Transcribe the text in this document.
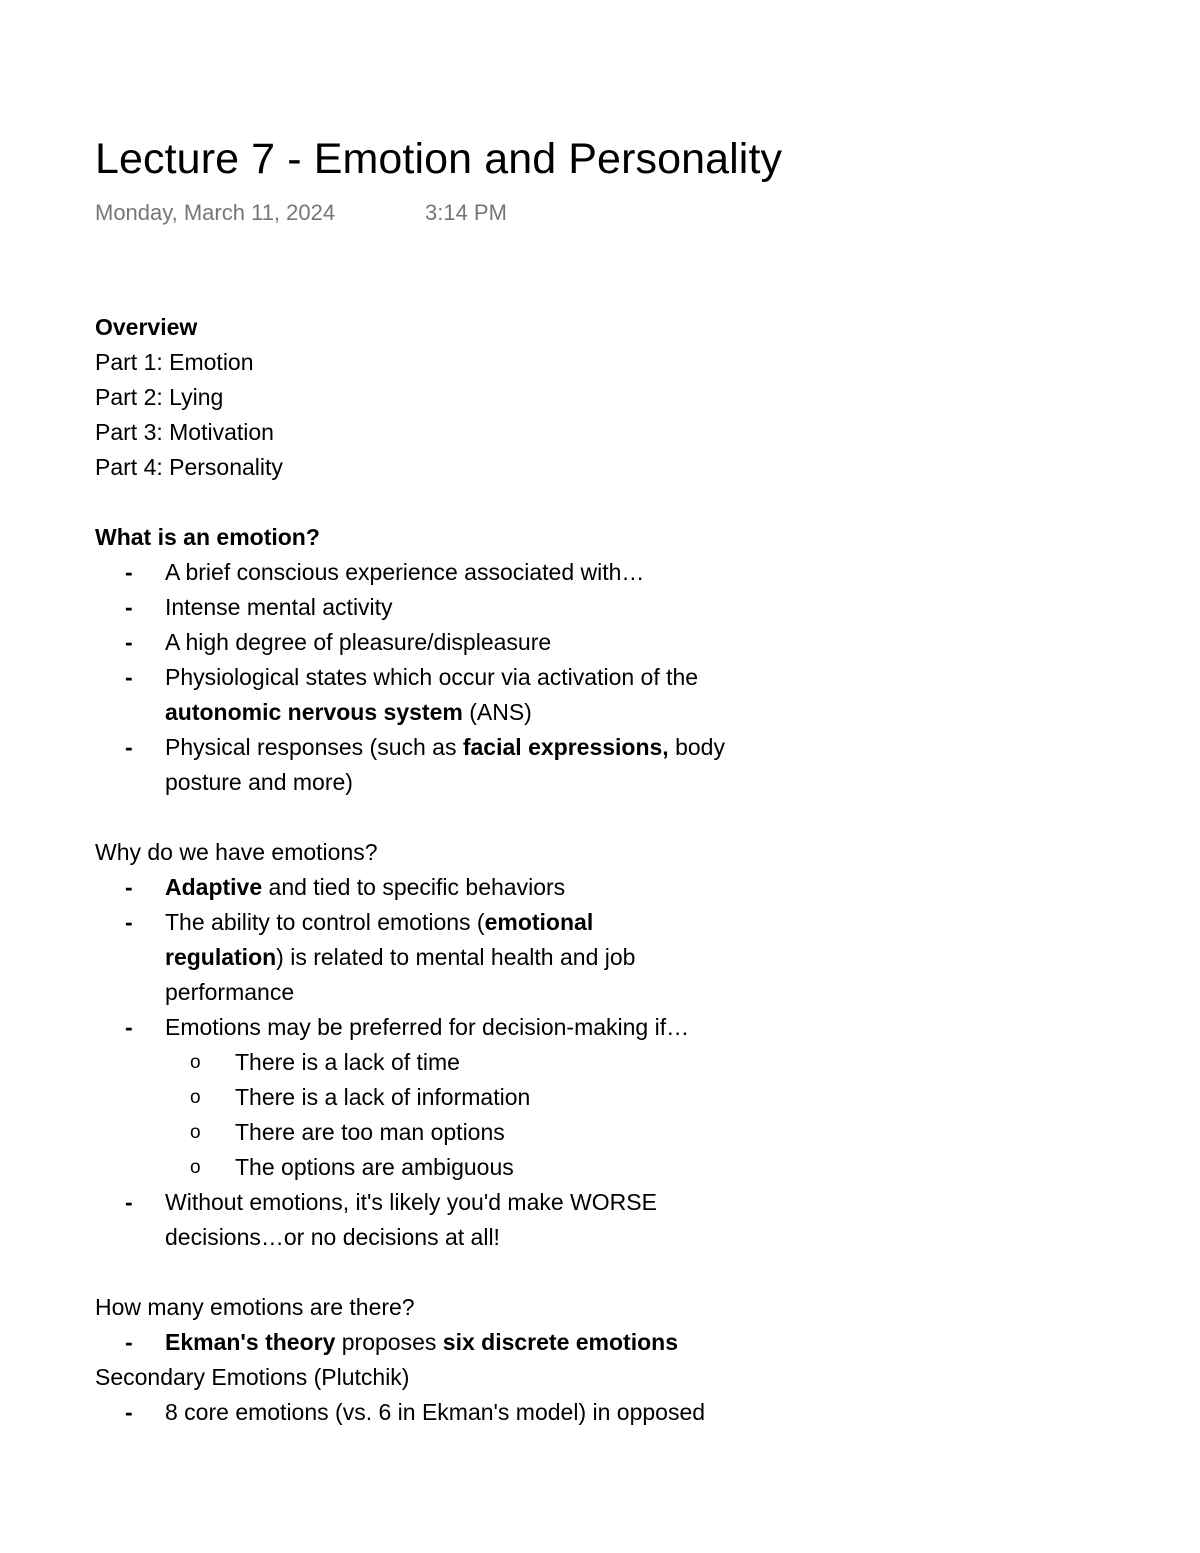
Lecture 7 - Emotion and Personality
Monday, March 11, 2024	3:14 PM
Overview
Part 1: Emotion
Part 2: Lying
Part 3: Motivation
Part 4: Personality
What is an emotion?
-	A brief conscious experience associated with…
-	Intense mental activity
-	A high degree of pleasure/displeasure
-	Physiological states which occur via activation of the
autonomic nervous system (ANS)
-	Physical responses (such as facial expressions, body
posture and more)
Why do we have emotions?
-	Adaptive and tied to specific behaviors
-	The ability to control emotions (emotional
regulation) is related to mental health and job
performance
-	Emotions may be preferred for decision-making if…
o	There is a lack of time
o	There is a lack of information
o	There are too man options
o	The options are ambiguous
-	Without emotions, it's likely you'd make WORSE
decisions…or no decisions at all!
How many emotions are there?
-	Ekman's theory proposes six discrete emotions
Secondary Emotions (Plutchik)
-	8 core emotions (vs. 6 in Ekman's model) in opposed
